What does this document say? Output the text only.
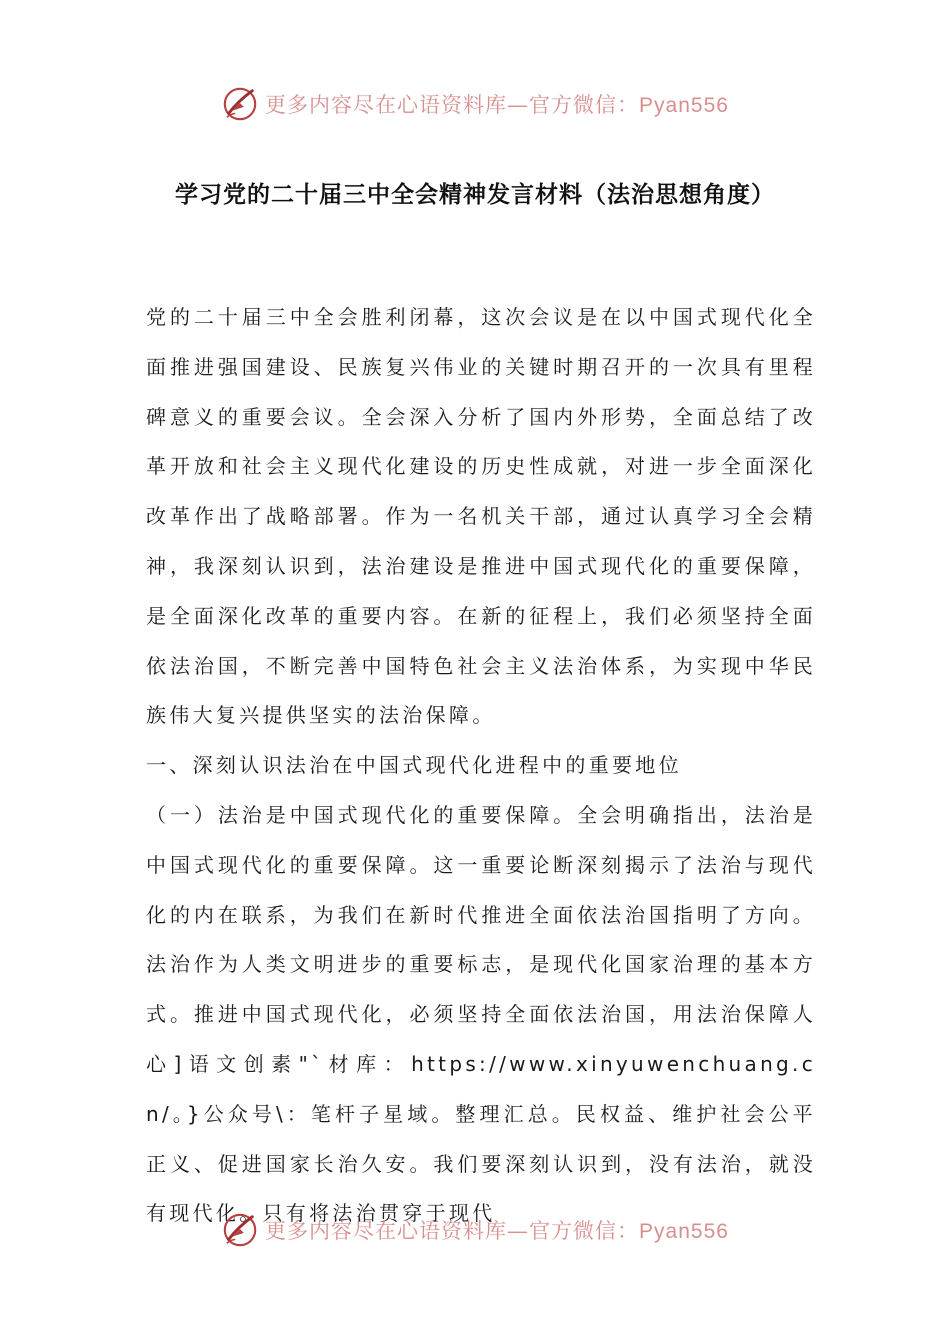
更多内容尽在心语资料库—官方微信：Pyan556
学习党的二十届三中全会精神发言材料（法治思想角度）

党的二十届三中全会胜利闭幕，这次会议是在以中国式现代化全面推进强国建设、民族复兴伟业的关键时期召开的一次具有里程碑意义的重要会议。全会深入分析了国内外形势，全面总结了改革开放和社会主义现代化建设的历史性成就，对进一步全面深化改革作出了战略部署。作为一名机关干部，通过认真学习全会精神，我深刻认识到，法治建设是推进中国式现代化的重要保障，是全面深化改革的重要内容。在新的征程上，我们必须坚持全面依法治国，不断完善中国特色社会主义法治体系，为实现中华民族伟大复兴提供坚实的法治保障。

一、深刻认识法治在中国式现代化进程中的重要地位

（一）法治是中国式现代化的重要保障。全会明确指出，法治是中国式现代化的重要保障。这一重要论断深刻揭示了法治与现代化的内在联系，为我们在新时代推进全面依法治国指明了方向。法治作为人类文明进步的重要标志，是现代化国家治理的基本方式。推进中国式现代化，必须坚持全面依法治国，用法治保障人心]语文创素"`材库：https://www.xinyuwenchuang.cn/。}公众号\：笔杆子星域。整理汇总。民权益、维护社会公平正义、促进国家长治久安。我们要深刻认识到，没有法治，就没有现代化。只有将法治贯穿于现代

更多内容尽在心语资料库—官方微信：Pyan556
